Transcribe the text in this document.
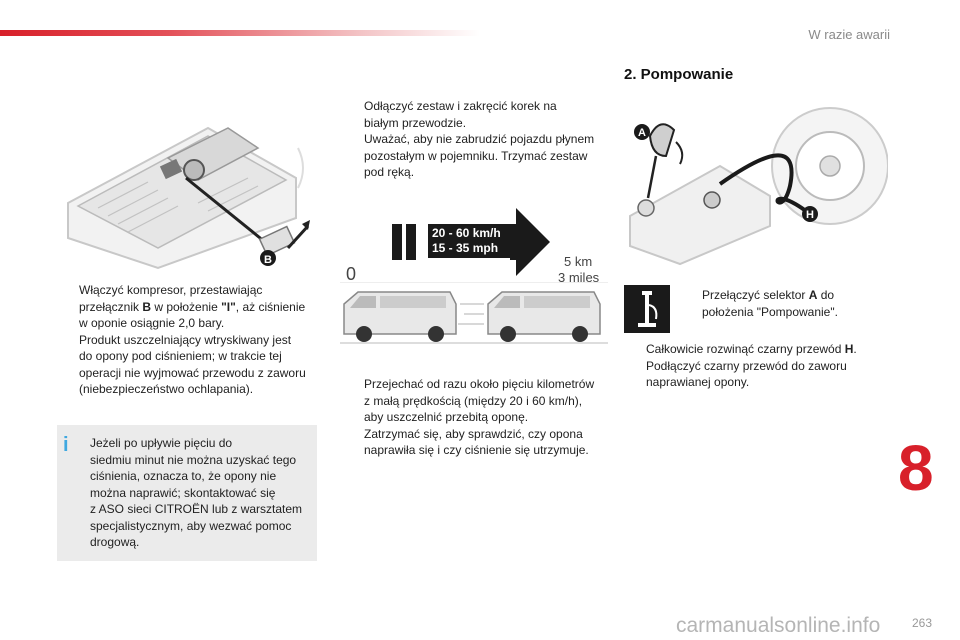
W razie awarii
B
Włączyć kompresor, przestawiając
przełącznik B w położenie "I", aż ciśnienie
w oponie osiągnie 2,0 bary.
Produkt uszczelniający wtryskiwany jest
do opony pod ciśnieniem; w trakcie tej
operacji nie wyjmować przewodu z zaworu
(niebezpieczeństwo ochlapania).
i Jeżeli po upływie pięciu do
siedmiu minut nie można uzyskać tego
ciśnienia, oznacza to, że opony nie
można naprawić; skontaktować się
z ASO sieci CITROËN lub z warsztatem
specjalistycznym, aby wezwać pomoc
drogową.
Odłączyć zestaw i zakręcić korek na
białym przewodzie.
Uważać, aby nie zabrudzić pojazdu płynem
pozostałym w pojemniku. Trzymać zestaw
pod ręką.
20 - 60 km/h
15 - 35 mph
0
5 km
3 miles
Przejechać od razu około pięciu kilometrów
z małą prędkością (między 20 i 60 km/h),
aby uszczelnić przebitą oponę.
Zatrzymać się, aby sprawdzić, czy opona
naprawiła się i czy ciśnienie się utrzymuje.
2. Pompowanie
A
H
Przełączyć selektor A do
położenia "Pompowanie".
Całkowicie rozwinąć czarny przewód H.
Podłączyć czarny przewód do zaworu
naprawianej opony.
8
carmanualsonline.info	263
